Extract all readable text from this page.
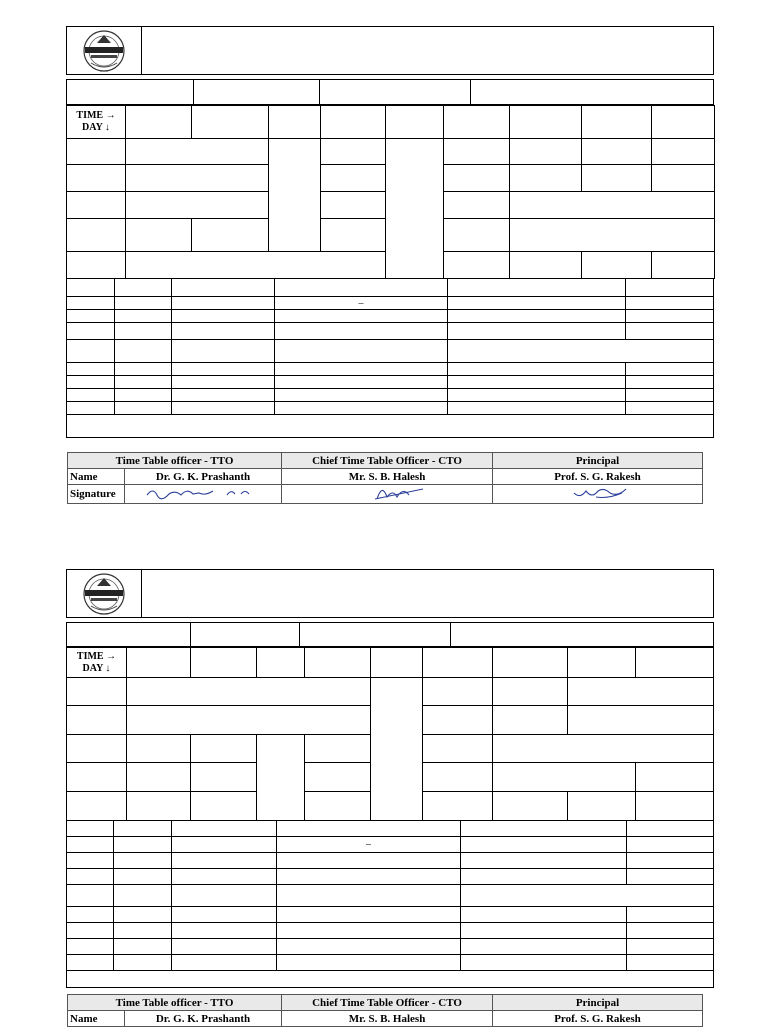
TIME →
DAY ↓									

			–		

Time Table officer - TTO		Chief Time Table Officer - CTO	Principal
Name	Dr. G. K. Prashanth	Mr. S. B. Halesh	Prof. S. G. Rakesh
Signature			

TIME →
DAY ↓									

			–		

Time Table officer - TTO		Chief Time Table Officer - CTO	Principal
Name	Dr. G. K. Prashanth	Mr. S. B. Halesh	Prof. S. G. Rakesh
